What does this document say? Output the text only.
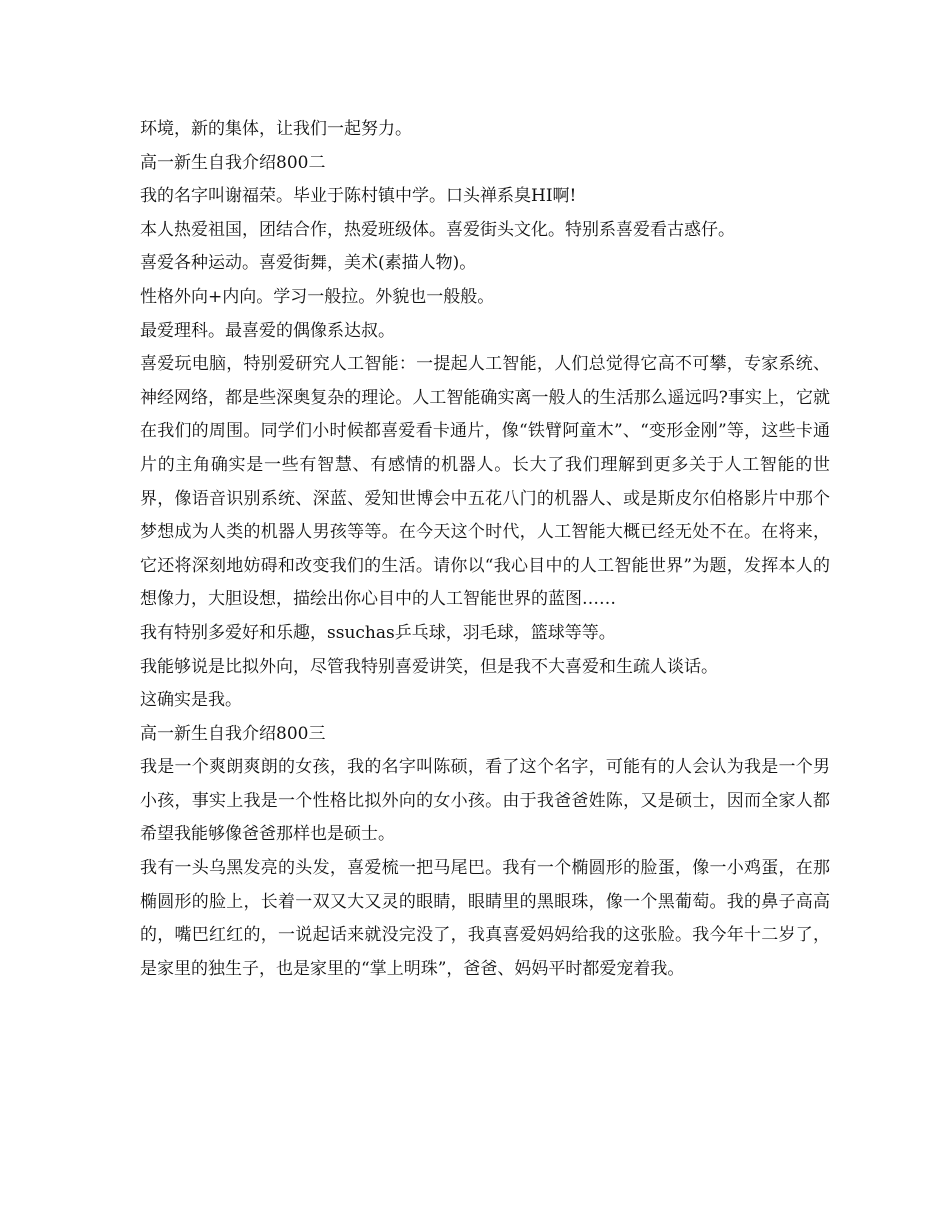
环境，新的集体，让我们一起努力。

高一新生自我介绍800二

我的名字叫谢福荣。毕业于陈村镇中学。口头禅系臭HI啊!

本人热爱祖国，团结合作，热爱班级体。喜爱街头文化。特别系喜爱看古惑仔。

喜爱各种运动。喜爱街舞，美术(素描人物)。

性格外向+内向。学习一般拉。外貌也一般般。

最爱理科。最喜爱的偶像系达叔。

喜爱玩电脑，特别爱研究人工智能：一提起人工智能，人们总觉得它高不可攀，专家系统、神经网络，都是些深奥复杂的理论。人工智能确实离一般人的生活那么遥远吗?事实上，它就在我们的周围。同学们小时候都喜爱看卡通片，像“铁臂阿童木”、“变形金刚”等，这些卡通片的主角确实是一些有智慧、有感情的机器人。长大了我们理解到更多关于人工智能的世界，像语音识别系统、深蓝、爱知世博会中五花八门的机器人、或是斯皮尔伯格影片中那个梦想成为人类的机器人男孩等等。在今天这个时代，人工智能大概已经无处不在。在将来，它还将深刻地妨碍和改变我们的生活。请你以“我心目中的人工智能世界”为题，发挥本人的想像力，大胆设想，描绘出你心目中的人工智能世界的蓝图……

我有特别多爱好和乐趣，ssuchas乒乓球，羽毛球，篮球等等。

我能够说是比拟外向，尽管我特别喜爱讲笑，但是我不大喜爱和生疏人谈话。

这确实是我。

高一新生自我介绍800三

我是一个爽朗爽朗的女孩，我的名字叫陈硕，看了这个名字，可能有的人会认为我是一个男小孩，事实上我是一个性格比拟外向的女小孩。由于我爸爸姓陈，又是硕士，因而全家人都希望我能够像爸爸那样也是硕士。

我有一头乌黑发亮的头发，喜爱梳一把马尾巴。我有一个椭圆形的脸蛋，像一小鸡蛋，在那椭圆形的脸上，长着一双又大又灵的眼睛，眼睛里的黑眼珠，像一个黑葡萄。我的鼻子高高的，嘴巴红红的，一说起话来就没完没了，我真喜爱妈妈给我的这张脸。我今年十二岁了，是家里的独生子，也是家里的“掌上明珠”，爸爸、妈妈平时都爱宠着我。
